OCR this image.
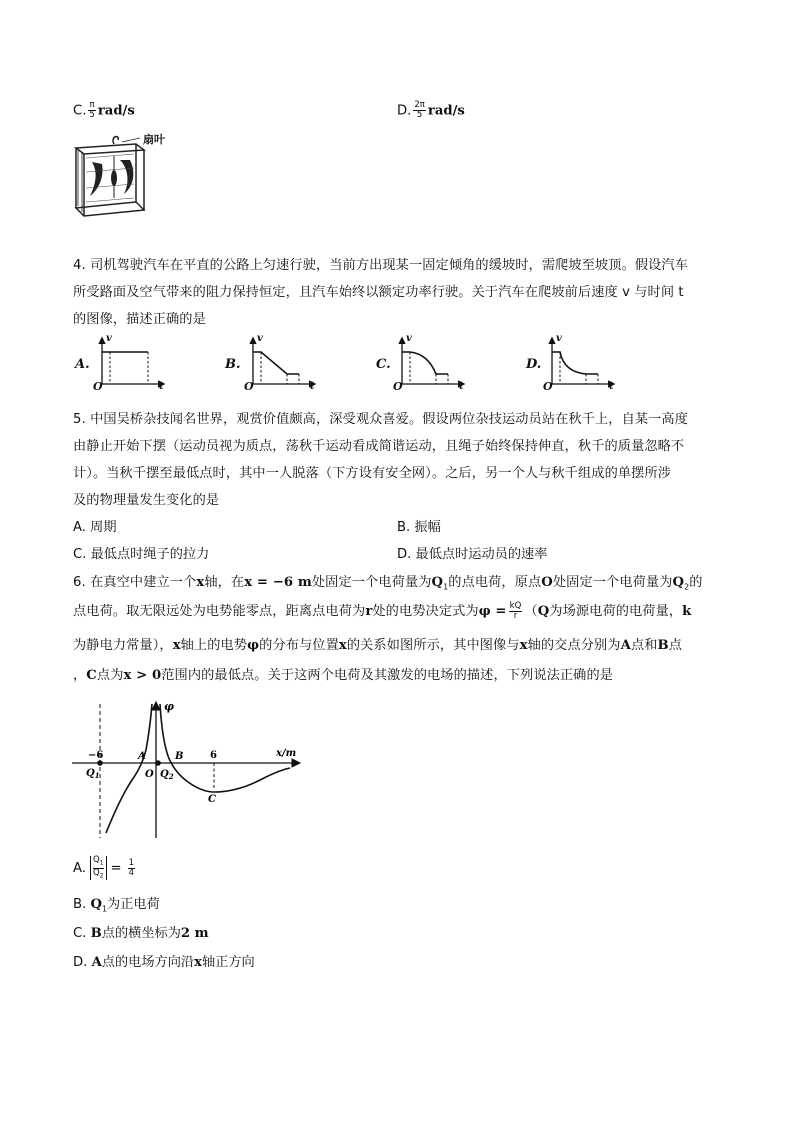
C. $\frac{\pi}{5} rad/s$	D. $\frac{2\pi}{5} rad/s$
扇叶
4. 司机驾驶汽车在平直的公路上匀速行驶，当前方出现某一固定倾角的缓坡时，需爬坡至坡顶。假设汽车
所受路面及空气带来的阻力保持恒定，且汽车始终以额定功率行驶。关于汽车在爬坡前后速度 v 与时间 t
的图像，描述正确的是
A.
v
O	t
B.
v
O	t
C.
v
O	t
D.
v
O	t
5. 中国吴桥杂技闻名世界，观赏价值颇高，深受观众喜爱。假设两位杂技运动员站在秋千上，自某一高度
由静止开始下摆（运动员视为质点，荡秋千运动看成简谐运动，且绳子始终保持伸直，秋千的质量忽略不
计）。当秋千摆至最低点时，其中一人脱落（下方设有安全网）。之后，另一个人与秋千组成的单摆所涉
及的物理量发生变化的是
A. 周期	B. 振幅
C. 最低点时绳子的拉力	D. 最低点时运动员的速率
6. 在真空中建立一个x轴，在x = −6 m处固定一个电荷量为$Q_1$的点电荷，原点O处固定一个电荷量为$Q_2$的
点电荷。取无限远处为电势能零点，距离点电荷为r处的电势决定式为$\varphi = \frac{kQ}{r} (Q$为场源电荷的电荷量，k
为静电力常量），x轴上的电势φ的分布与位置x的关系如图所示，其中图像与x轴的交点分别为A点和B点
，C点为x > 0范围内的最低点。关于这两个电荷及其激发的电场的描述，下列说法正确的是
φ
x/m
−6	6
$Q_1$
A
O $Q_2$
B
C
A. $\frac{Q_1}{Q_2} = \frac{1}{4}$
B. $Q_1$为正电荷
C. B点的横坐标为2 m
D. A点的电场方向沿x轴正方向
